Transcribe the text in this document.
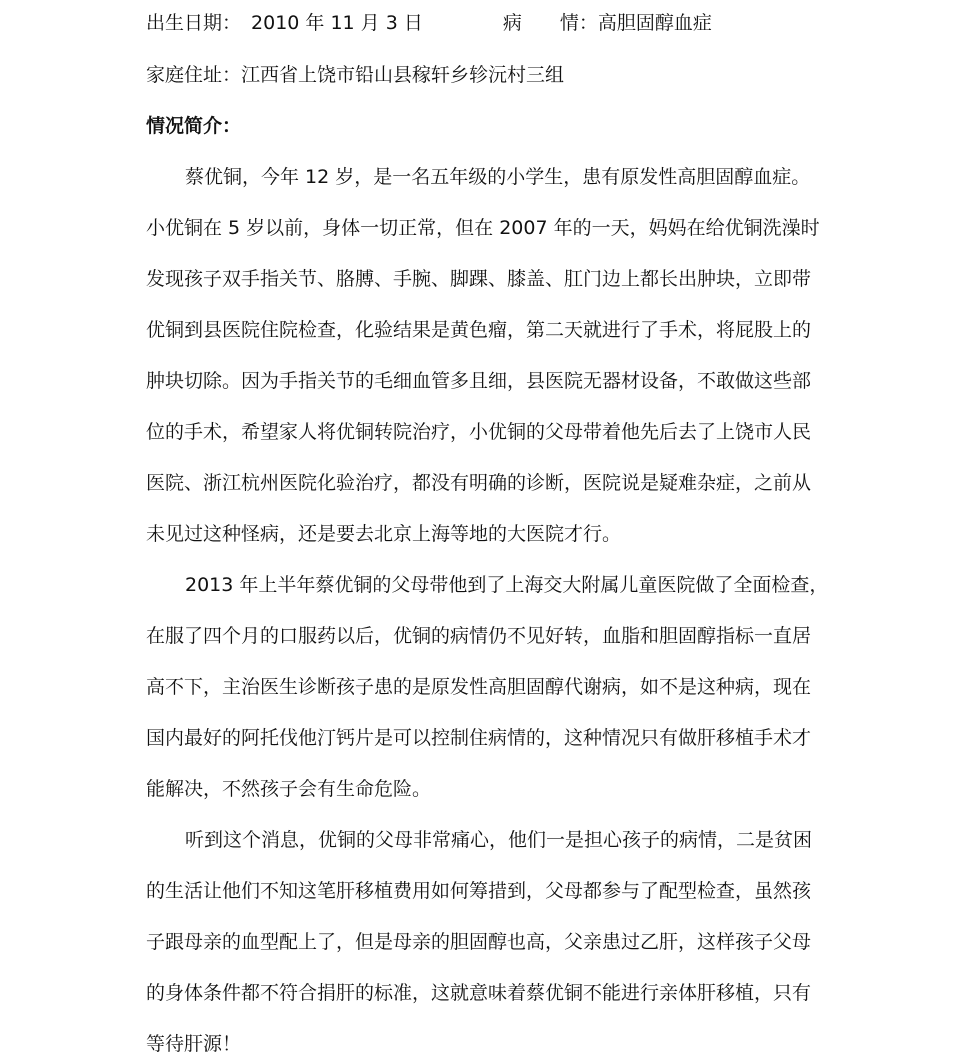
出生日期： 2010 年 11 月 3 日	病 情：高胆固醇血症
家庭住址：江西省上饶市铅山县稼轩乡轸沅村三组
情况简介：
蔡优铜，今年 12 岁，是一名五年级的小学生，患有原发性高胆固醇血症。
小优铜在 5 岁以前，身体一切正常，但在 2007 年的一天，妈妈在给优铜洗澡时
发现孩子双手指关节、胳膊、手腕、脚踝、膝盖、肛门边上都长出肿块，立即带
优铜到县医院住院检查，化验结果是黄色瘤，第二天就进行了手术，将屁股上的
肿块切除。因为手指关节的毛细血管多且细，县医院无器材设备，不敢做这些部
位的手术，希望家人将优铜转院治疗，小优铜的父母带着他先后去了上饶市人民
医院、浙江杭州医院化验治疗，都没有明确的诊断，医院说是疑难杂症，之前从
未见过这种怪病，还是要去北京上海等地的大医院才行。
2013 年上半年蔡优铜的父母带他到了上海交大附属儿童医院做了全面检查，
在服了四个月的口服药以后，优铜的病情仍不见好转，血脂和胆固醇指标一直居
高不下，主治医生诊断孩子患的是原发性高胆固醇代谢病，如不是这种病，现在
国内最好的阿托伐他汀钙片是可以控制住病情的，这种情况只有做肝移植手术才
能解决，不然孩子会有生命危险。
听到这个消息，优铜的父母非常痛心，他们一是担心孩子的病情，二是贫困
的生活让他们不知这笔肝移植费用如何筹措到，父母都参与了配型检查，虽然孩
子跟母亲的血型配上了，但是母亲的胆固醇也高，父亲患过乙肝，这样孩子父母
的身体条件都不符合捐肝的标准，这就意味着蔡优铜不能进行亲体肝移植，只有
等待肝源！
